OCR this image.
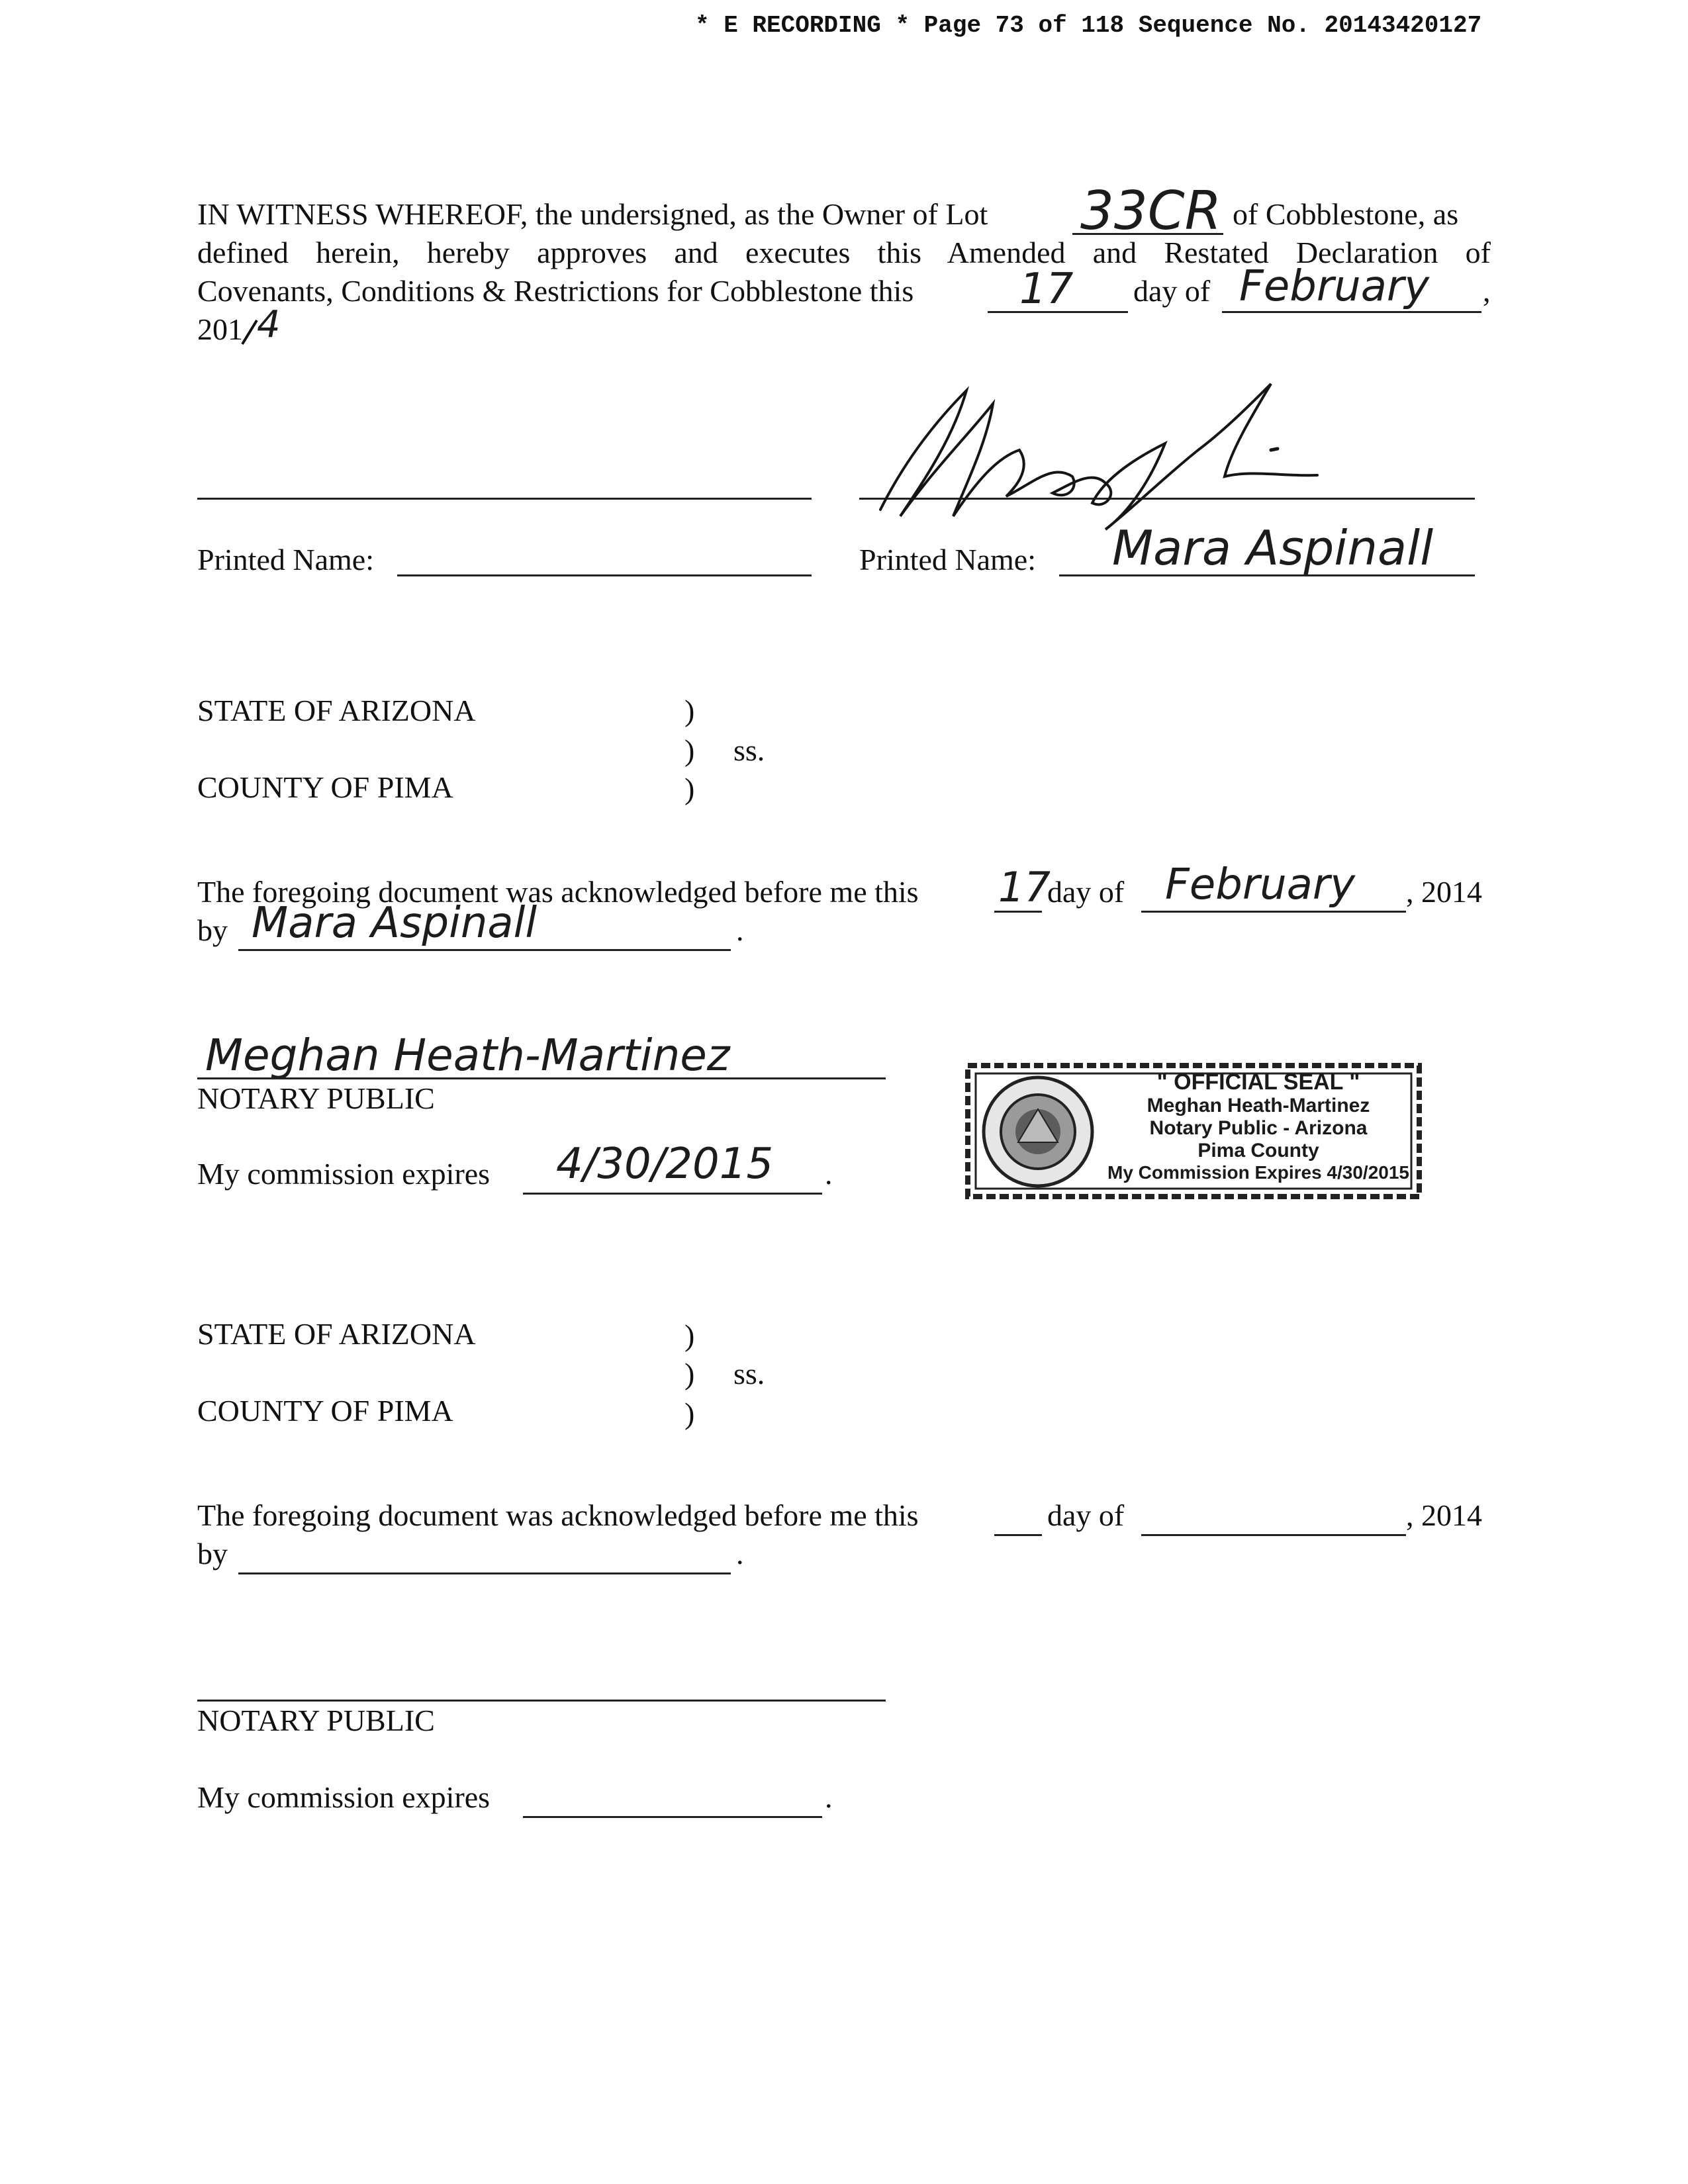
* E RECORDING * Page 73 of 118 Sequence No. 20143420127
IN WITNESS WHEREOF, the undersigned, as the Owner of Lot 33CR of Cobblestone, as
defined herein, hereby approves and executes this Amended and Restated Declaration of
Covenants, Conditions & Restrictions for Cobblestone this 17 day of February ,
201 4
Printed Name:	Printed Name: Mara Aspinall
STATE OF ARIZONA	)
) ss.
)
COUNTY OF PIMA
The foregoing document was acknowledged before me this 17
day of February , 2014
by Mara Aspinall	.
Meghan Heath-Martinez
NOTARY PUBLIC
My commission expires 4/30/2015 .
" OFFICIAL SEAL "
Meghan Heath-Martinez
Notary Public - Arizona
Pima County
My Commission Expires 4/30/2015
STATE OF ARIZONA	)
) ss.
)
COUNTY OF PIMA
The foregoing document was acknowledged before me this	day of	, 2014
by	.
NOTARY PUBLIC
My commission expires	.
